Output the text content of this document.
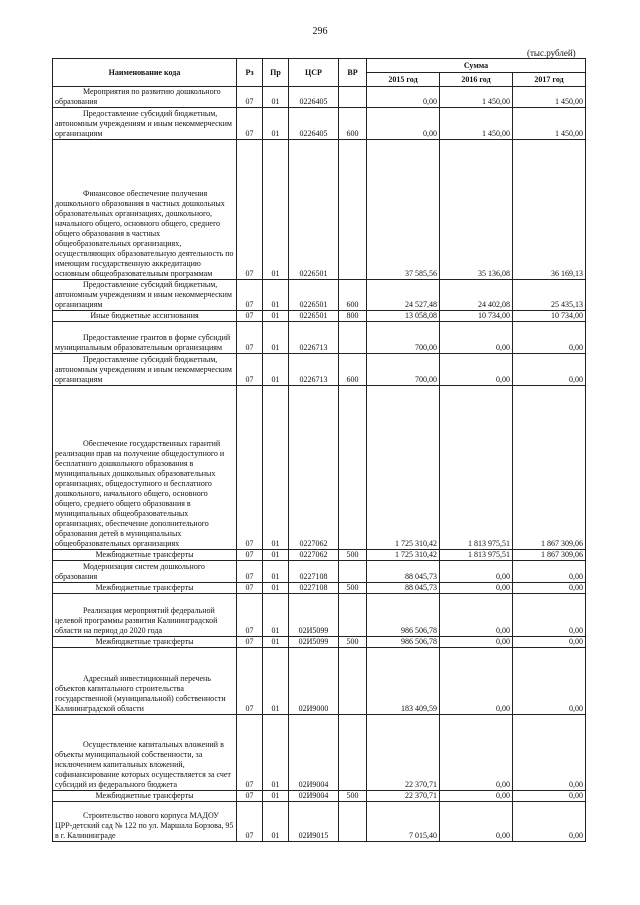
296
(тыс.рублей)
Наименование кода	Рз	Пр	ЦСР	ВР	Сумма		
					2015 год	2016 год	2017 год
Мероприятия по развитию дошкольного образования	07	01	0226405		0,00	1 450,00	1 450,00
Предоставление субсидий бюджетным, автономным учреждениям и иным некоммерческим организациям	07	01	0226405	600	0,00	1 450,00	1 450,00
Финансовое обеспечение получения дошкольного образования в частных дошкольных образовательных организациях, дошкольного, начального общего, основного общего, среднего общего образования в частных общеобразовательных организациях, осуществляющих образовательную деятельность по имеющим государственную аккредитацию основным общеобразовательным программам	07	01	0226501		37 585,56	35 136,08	36 169,13
Предоставление субсидий бюджетным, автономным учреждениям и иным некоммерческим организациям	07	01	0226501	600	24 527,48	24 402,08	25 435,13
Иные бюджетные ассигнования	07	01	0226501	800	13 058,08	10 734,00	10 734,00
Предоставление грантов в форме субсидий муниципальным образовательным организациям	07	01	0226713		700,00	0,00	0,00
Предоставление субсидий бюджетным, автономным учреждениям и иным некоммерческим организациям	07	01	0226713	600	700,00	0,00	0,00
Обеспечение государственных гарантий реализации прав на получение общедоступного и бесплатного дошкольного образования в муниципальных дошкольных образовательных организациях, общедоступного и бесплатного дошкольного, начального общего, основного общего, среднего общего образования в муниципальных общеобразовательных организациях, обеспечение дополнительного образования детей в муниципальных общеобразовательных организациях	07	01	0227062		1 725 310,42	1 813 975,51	1 867 309,06
Межбюджетные трансферты	07	01	0227062	500	1 725 310,42	1 813 975,51	1 867 309,06
Модернизация систем дошкольного образования	07	01	0227108		88 045,73	0,00	0,00
Межбюджетные трансферты	07	01	0227108	500	88 045,73	0,00	0,00
Реализация мероприятий федеральной целевой программы развития Калининградской области на период до 2020 года	07	01	02И5099		986 506,78	0,00	0,00
Межбюджетные трансферты	07	01	02И5099	500	986 506,78	0,00	0,00
Адресный инвестиционный перечень объектов капитального строительства государственной (муниципальной) собственности Калининградской области	07	01	02И9000		183 409,59	0,00	0,00
Осуществление капитальных вложений в объекты муниципальной собственности, за исключением капитальных вложений, софинансирование которых осуществляется за счет субсидий из федерального бюджета	07	01	02И9004		22 370,71	0,00	0,00
Межбюджетные трансферты	07	01	02И9004	500	22 370,71	0,00	0,00
Строительство нового корпуса МАДОУ ЦРР-детский сад № 122 по ул. Маршала Борзова, 95 в г. Калининграде	07	01	02И9015		7 015,40	0,00	0,00
